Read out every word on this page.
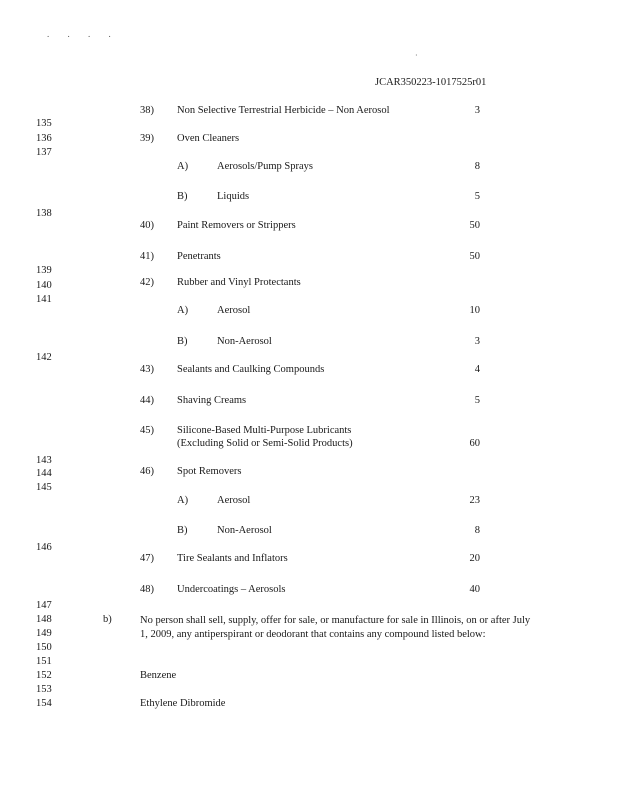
. . . .
·
JCAR350223-1017525r01
135
136
137
138
139
140
141
142
143
144
145
146
147
148
149
150
151
152
153
154
38) Non Selective Terrestrial Herbicide – Non Aerosol	3
39) Oven Cleaners
A)	Aerosols/Pump Sprays	8
B)	Liquids	5
40) Paint Removers or Strippers	50
41) Penetrants	50
42) Rubber and Vinyl Protectants
A)	Aerosol	10
B)	Non-Aerosol	3
43) Sealants and Caulking Compounds	4
44) Shaving Creams	5
45) Silicone-Based Multi-Purpose Lubricants
(Excluding Solid or Semi-Solid Products)	60
46) Spot Removers
A)	Aerosol	23
B)	Non-Aerosol	8
47) Tire Sealants and Inflators	20
48) Undercoatings – Aerosols	40
b)	No person shall sell, supply, offer for sale, or manufacture for sale in Illinois, on or after July 1, 2009, any antiperspirant or deodorant that contains any compound listed below:
Benzene
Ethylene Dibromide
